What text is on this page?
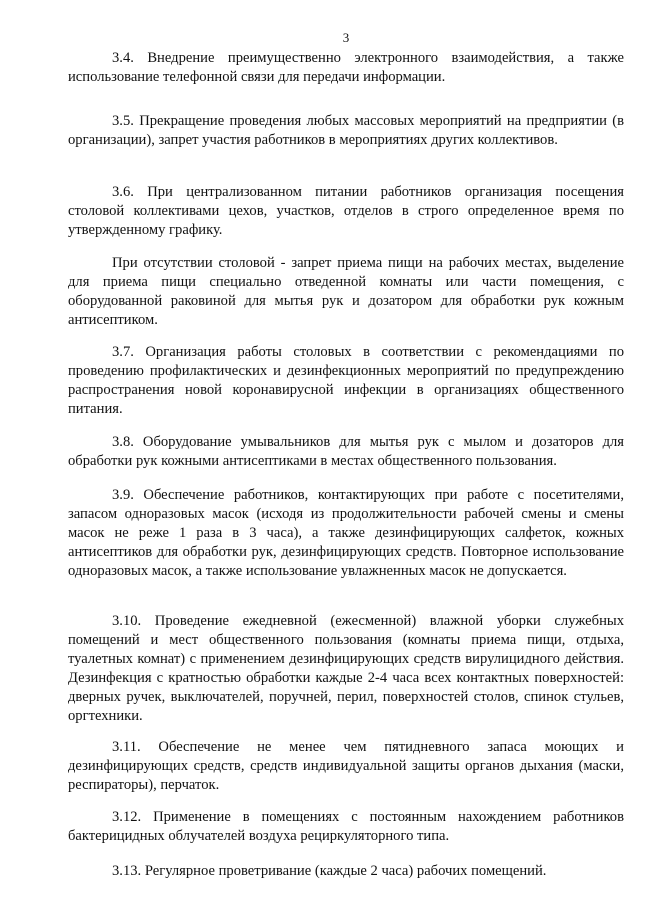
3

3.4. Внедрение преимущественно электронного взаимодействия, а также использование телефонной связи для передачи информации.

3.5. Прекращение проведения любых массовых мероприятий на предприятии (в организации), запрет участия работников в мероприятиях других коллективов.

3.6. При централизованном питании работников организация посещения столовой коллективами цехов, участков, отделов в строго определенное время по утвержденному графику.

При отсутствии столовой - запрет приема пищи на рабочих местах, выделение для приема пищи специально отведенной комнаты или части помещения, с оборудованной раковиной для мытья рук и дозатором для обработки рук кожным антисептиком.

3.7. Организация работы столовых в соответствии с рекомендациями по проведению профилактических и дезинфекционных мероприятий по предупреждению распространения новой коронавирусной инфекции в организациях общественного питания.

3.8. Оборудование умывальников для мытья рук с мылом и дозаторов для обработки рук кожными антисептиками в местах общественного пользования.

3.9. Обеспечение работников, контактирующих при работе с посетителями, запасом одноразовых масок (исходя из продолжительности рабочей смены и смены масок не реже 1 раза в 3 часа), а также дезинфицирующих салфеток, кожных антисептиков для обработки рук, дезинфицирующих средств. Повторное использование одноразовых масок, а также использование увлажненных масок не допускается.

3.10. Проведение ежедневной (ежесменной) влажной уборки служебных помещений и мест общественного пользования (комнаты приема пищи, отдыха, туалетных комнат) с применением дезинфицирующих средств вирулицидного действия. Дезинфекция с кратностью обработки каждые 2-4 часа всех контактных поверхностей: дверных ручек, выключателей, поручней, перил, поверхностей столов, спинок стульев, оргтехники.

3.11. Обеспечение не менее чем пятидневного запаса моющих и дезинфицирующих средств, средств индивидуальной защиты органов дыхания (маски, респираторы), перчаток.

3.12. Применение в помещениях с постоянным нахождением работников бактерицидных облучателей воздуха рециркуляторного типа.

3.13. Регулярное проветривание (каждые 2 часа) рабочих помещений.
